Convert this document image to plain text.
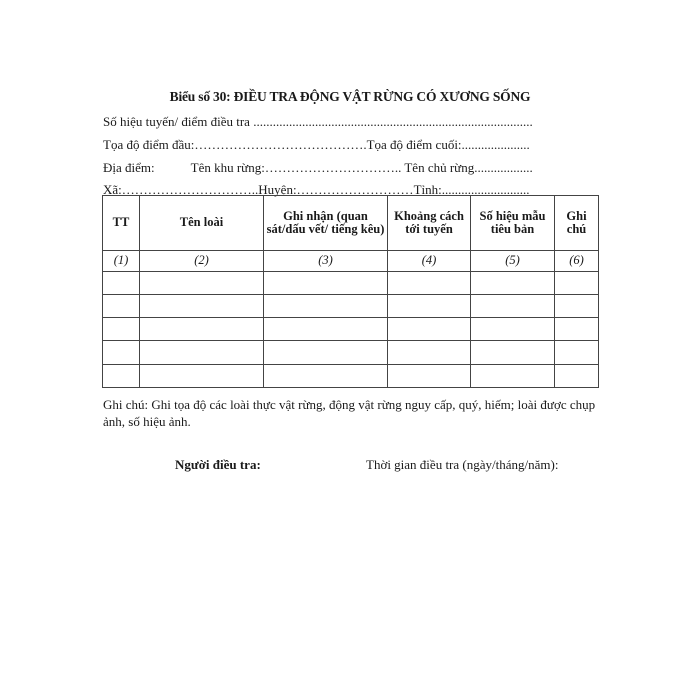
Biểu số 30: ĐIỀU TRA ĐỘNG VẬT RỪNG CÓ XƯƠNG SỐNG
Số hiệu tuyến/ điểm điều tra ......................................................................................
Tọa độ điểm đầu:………………………………….Tọa độ điểm cuối:.....................
Địa điểm:	Tên khu rừng:………………………….. Tên chủ rừng..................
Xã:…………………………..Huyện:………………………Tỉnh:...........................
TT	Tên loài	Ghi nhận (quan sát/dấu vết/ tiếng kêu)	Khoảng cách tới tuyến	Số hiệu mẫu tiêu bản	Ghi chú
(1)	(2)	(3)	(4)	(5)	(6)

Ghi chú: Ghi tọa độ các loài thực vật rừng, động vật rừng nguy cấp, quý, hiếm; loài được chụp ảnh, số hiệu ảnh.
Người điều tra:	Thời gian điều tra (ngày/tháng/năm):
